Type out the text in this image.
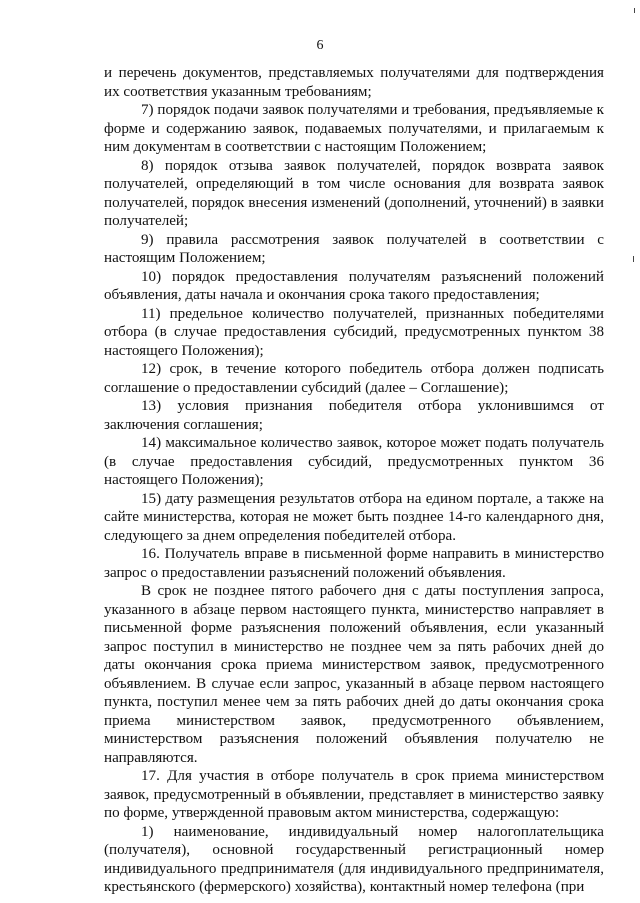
6

и перечень документов, представляемых получателями для подтверждения их соответствия указанным требованиям;

7) порядок подачи заявок получателями и требования, предъявляемые к форме и содержанию заявок, подаваемых получателями, и прилагаемым к ним документам в соответствии с настоящим Положением;

8) порядок отзыва заявок получателей, порядок возврата заявок получателей, определяющий в том числе основания для возврата заявок получателей, порядок внесения изменений (дополнений, уточнений) в заявки получателей;

9) правила рассмотрения заявок получателей в соответствии с настоящим Положением;

10) порядок предоставления получателям разъяснений положений объявления, даты начала и окончания срока такого предоставления;

11) предельное количество получателей, признанных победителями отбора (в случае предоставления субсидий, предусмотренных пунктом 38 настоящего Положения);

12) срок, в течение которого победитель отбора должен подписать соглашение о предоставлении субсидий (далее – Соглашение);

13) условия признания победителя отбора уклонившимся от заключения соглашения;

14) максимальное количество заявок, которое может подать получатель (в случае предоставления субсидий, предусмотренных пунктом 36 настоящего Положения);

15) дату размещения результатов отбора на едином портале, а также на сайте министерства, которая не может быть позднее 14-го календарного дня, следующего за днем определения победителей отбора.

16. Получатель вправе в письменной форме направить в министерство запрос о предоставлении разъяснений положений объявления.

В срок не позднее пятого рабочего дня с даты поступления запроса, указанного в абзаце первом настоящего пункта, министерство направляет в письменной форме разъяснения положений объявления, если указанный запрос поступил в министерство не позднее чем за пять рабочих дней до даты окончания срока приема министерством заявок, предусмотренного объявлением. В случае если запрос, указанный в абзаце первом настоящего пункта, поступил менее чем за пять рабочих дней до даты окончания срока приема министерством заявок, предусмотренного объявлением, министерством разъяснения положений объявления получателю не направляются.

17. Для участия в отборе получатель в срок приема министерством заявок, предусмотренный в объявлении, представляет в министерство заявку по форме, утвержденной правовым актом министерства, содержащую:

1) наименование, индивидуальный номер налогоплательщика (получателя), основной государственный регистрационный номер индивидуального предпринимателя (для индивидуального предпринимателя, крестьянского (фермерского) хозяйства), контактный номер телефона (при
